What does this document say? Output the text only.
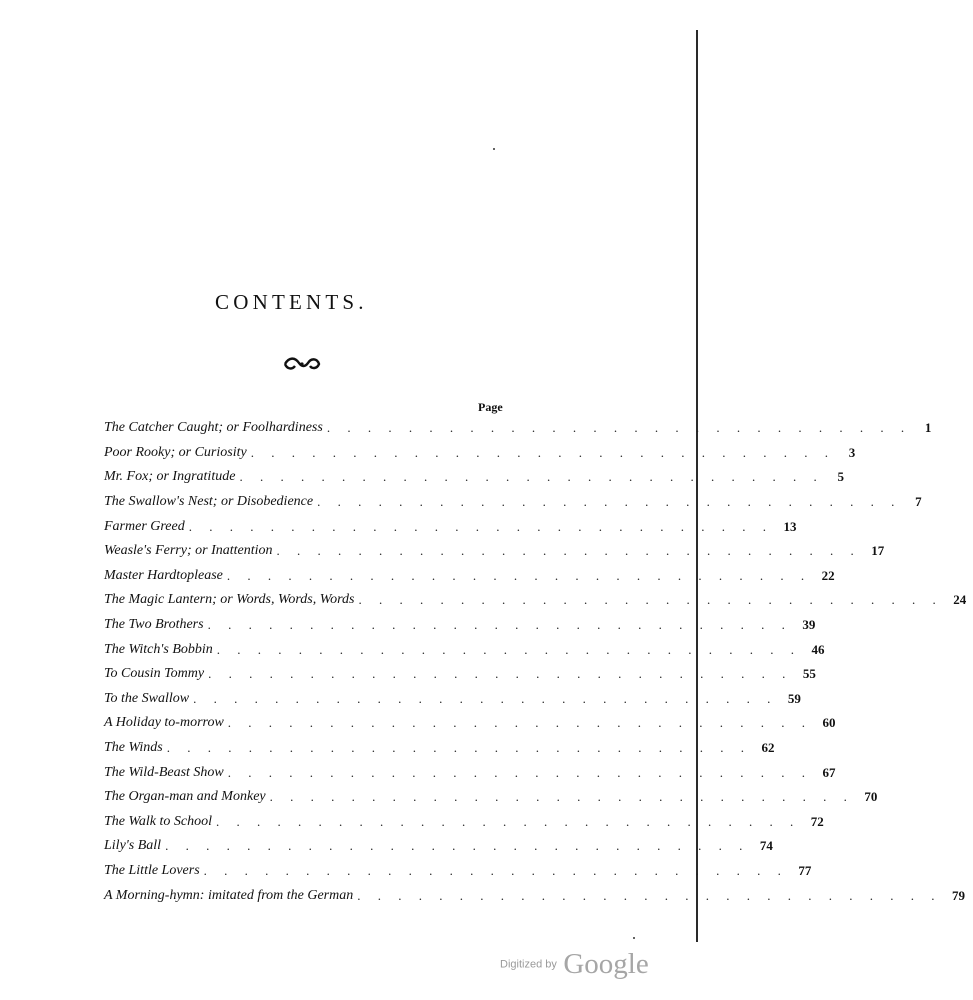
CONTENTS.
Page
The Catcher Caught; or Foolhardiness . . . . . . . . . . . . . . . . . . . . . . . . . . . . .	1
Poor Rooky; or Curiosity . . . . . . . . . . . . . . . . . . . . . . . . . . . . .	3
Mr. Fox; or Ingratitude . . . . . . . . . . . . . . . . . . . . . . . . . . . . .	5
The Swallow's Nest; or Disobedience . . . . . . . . . . . . . . . . . . . . . . . . . . . . .	7
Farmer Greed . . . . . . . . . . . . . . . . . . . . . . . . . . . . . 13
Weasle's Ferry; or Inattention . . . . . . . . . . . . . . . . . . . . . . . . . . . . . 17
Master Hardtoplease . . . . . . . . . . . . . . . . . . . . . . . . . . . . . 22
The Magic Lantern; or Words, Words, Words . . . . . . . . . . . . . . . . . . . . . . . . . . . . . 24
The Two Brothers . . . . . . . . . . . . . . . . . . . . . . . . . . . . . 39
The Witch's Bobbin . . . . . . . . . . . . . . . . . . . . . . . . . . . . . 46
To Cousin Tommy . . . . . . . . . . . . . . . . . . . . . . . . . . . . . 55
To the Swallow . . . . . . . . . . . . . . . . . . . . . . . . . . . . . 59
A Holiday to-morrow . . . . . . . . . . . . . . . . . . . . . . . . . . . . . 60
The Winds . . . . . . . . . . . . . . . . . . . . . . . . . . . . . 62
The Wild-Beast Show . . . . . . . . . . . . . . . . . . . . . . . . . . . . . 67
The Organ-man and Monkey . . . . . . . . . . . . . . . . . . . . . . . . . . . . . 70
The Walk to School . . . . . . . . . . . . . . . . . . . . . . . . . . . . . 72
Lily's Ball . . . . . . . . . . . . . . . . . . . . . . . . . . . . . 74
The Little Lovers . . . . . . . . . . . . . . . . . . . . . . . . . . . . . 77
A Morning-hymn: imitated from the German . . . . . . . . . . . . . . . . . . . . . . . . . . . . . 79
Digitized by Google
